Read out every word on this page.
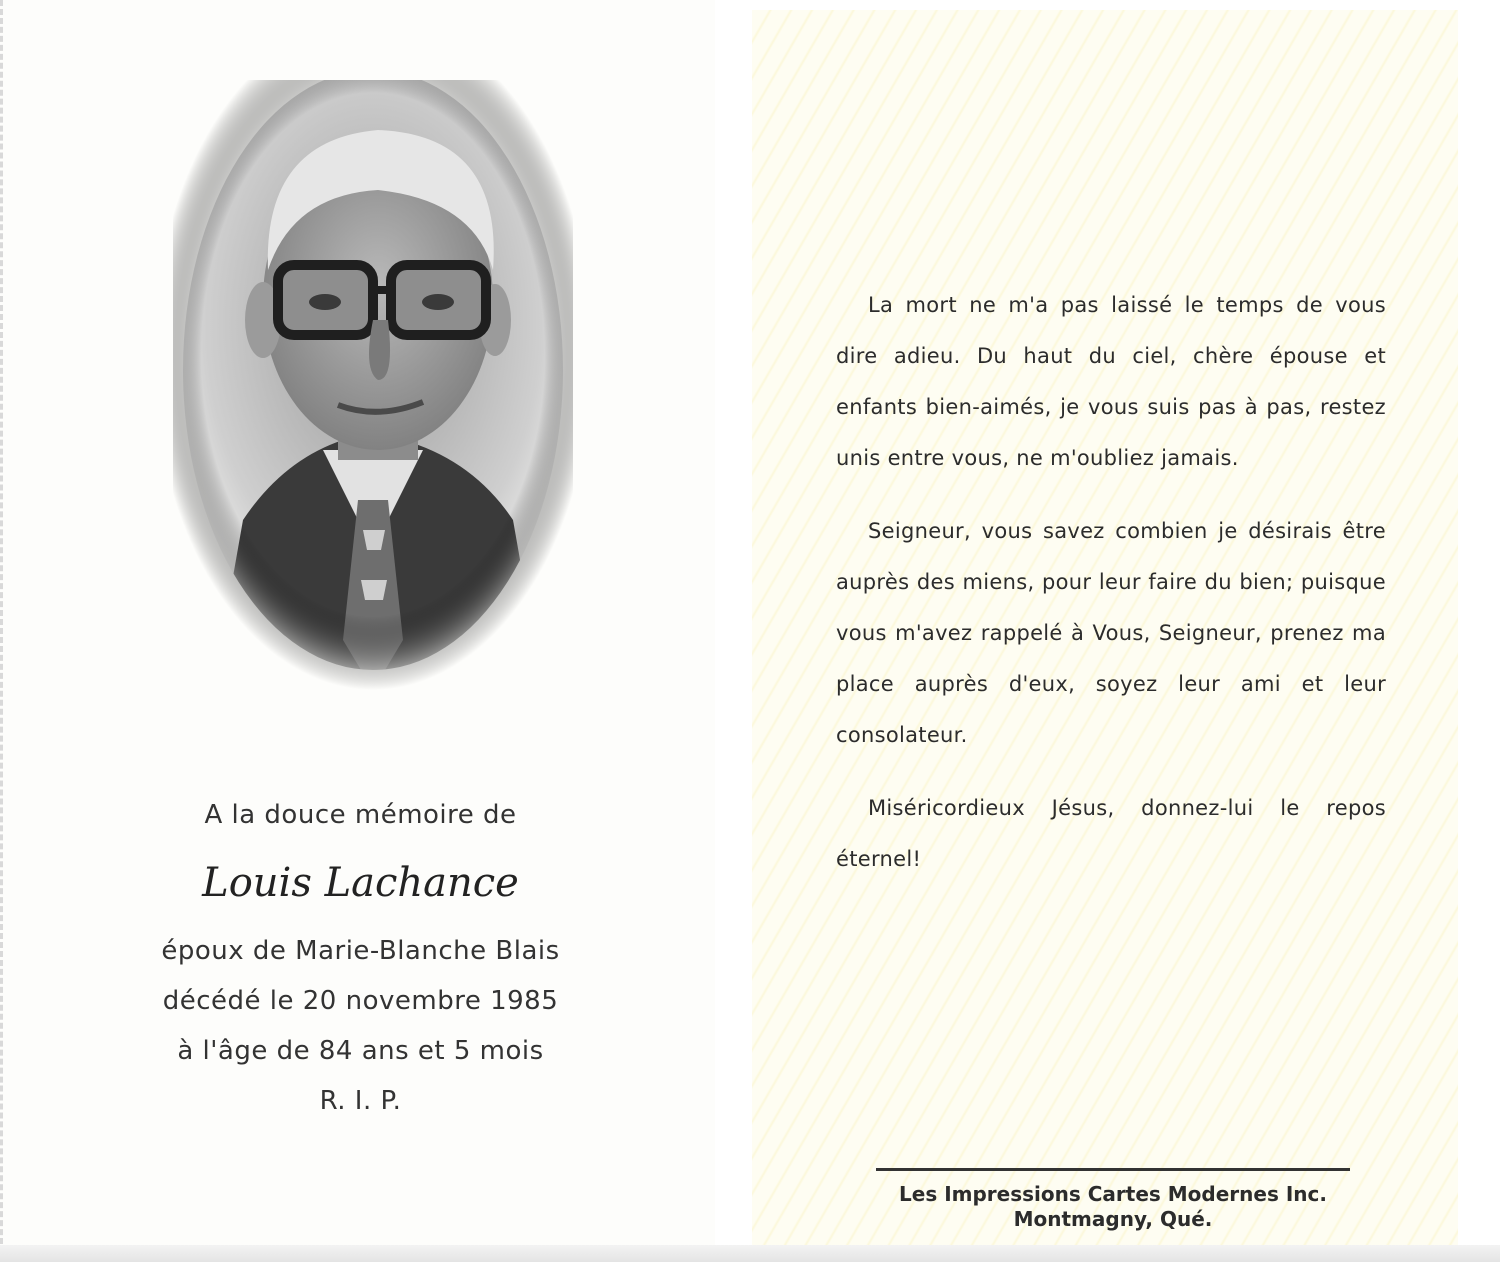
A la douce mémoire de
Louis Lachance
époux de Marie-Blanche Blais
décédé le 20 novembre 1985
à l'âge de 84 ans et 5 mois
R. I. P.

La mort ne m'a pas laissé le temps de vous dire adieu. Du haut du ciel, chère épouse et enfants bien-aimés, je vous suis pas à pas, restez unis entre vous, ne m'oubliez jamais.

Seigneur, vous savez combien je désirais être auprès des miens, pour leur faire du bien; puisque vous m'avez rappelé à Vous, Seigneur, prenez ma place auprès d'eux, soyez leur ami et leur consolateur.

Miséricordieux Jésus, donnez-lui le repos éternel!

Les Impressions Cartes Modernes Inc.
Montmagny, Qué.
